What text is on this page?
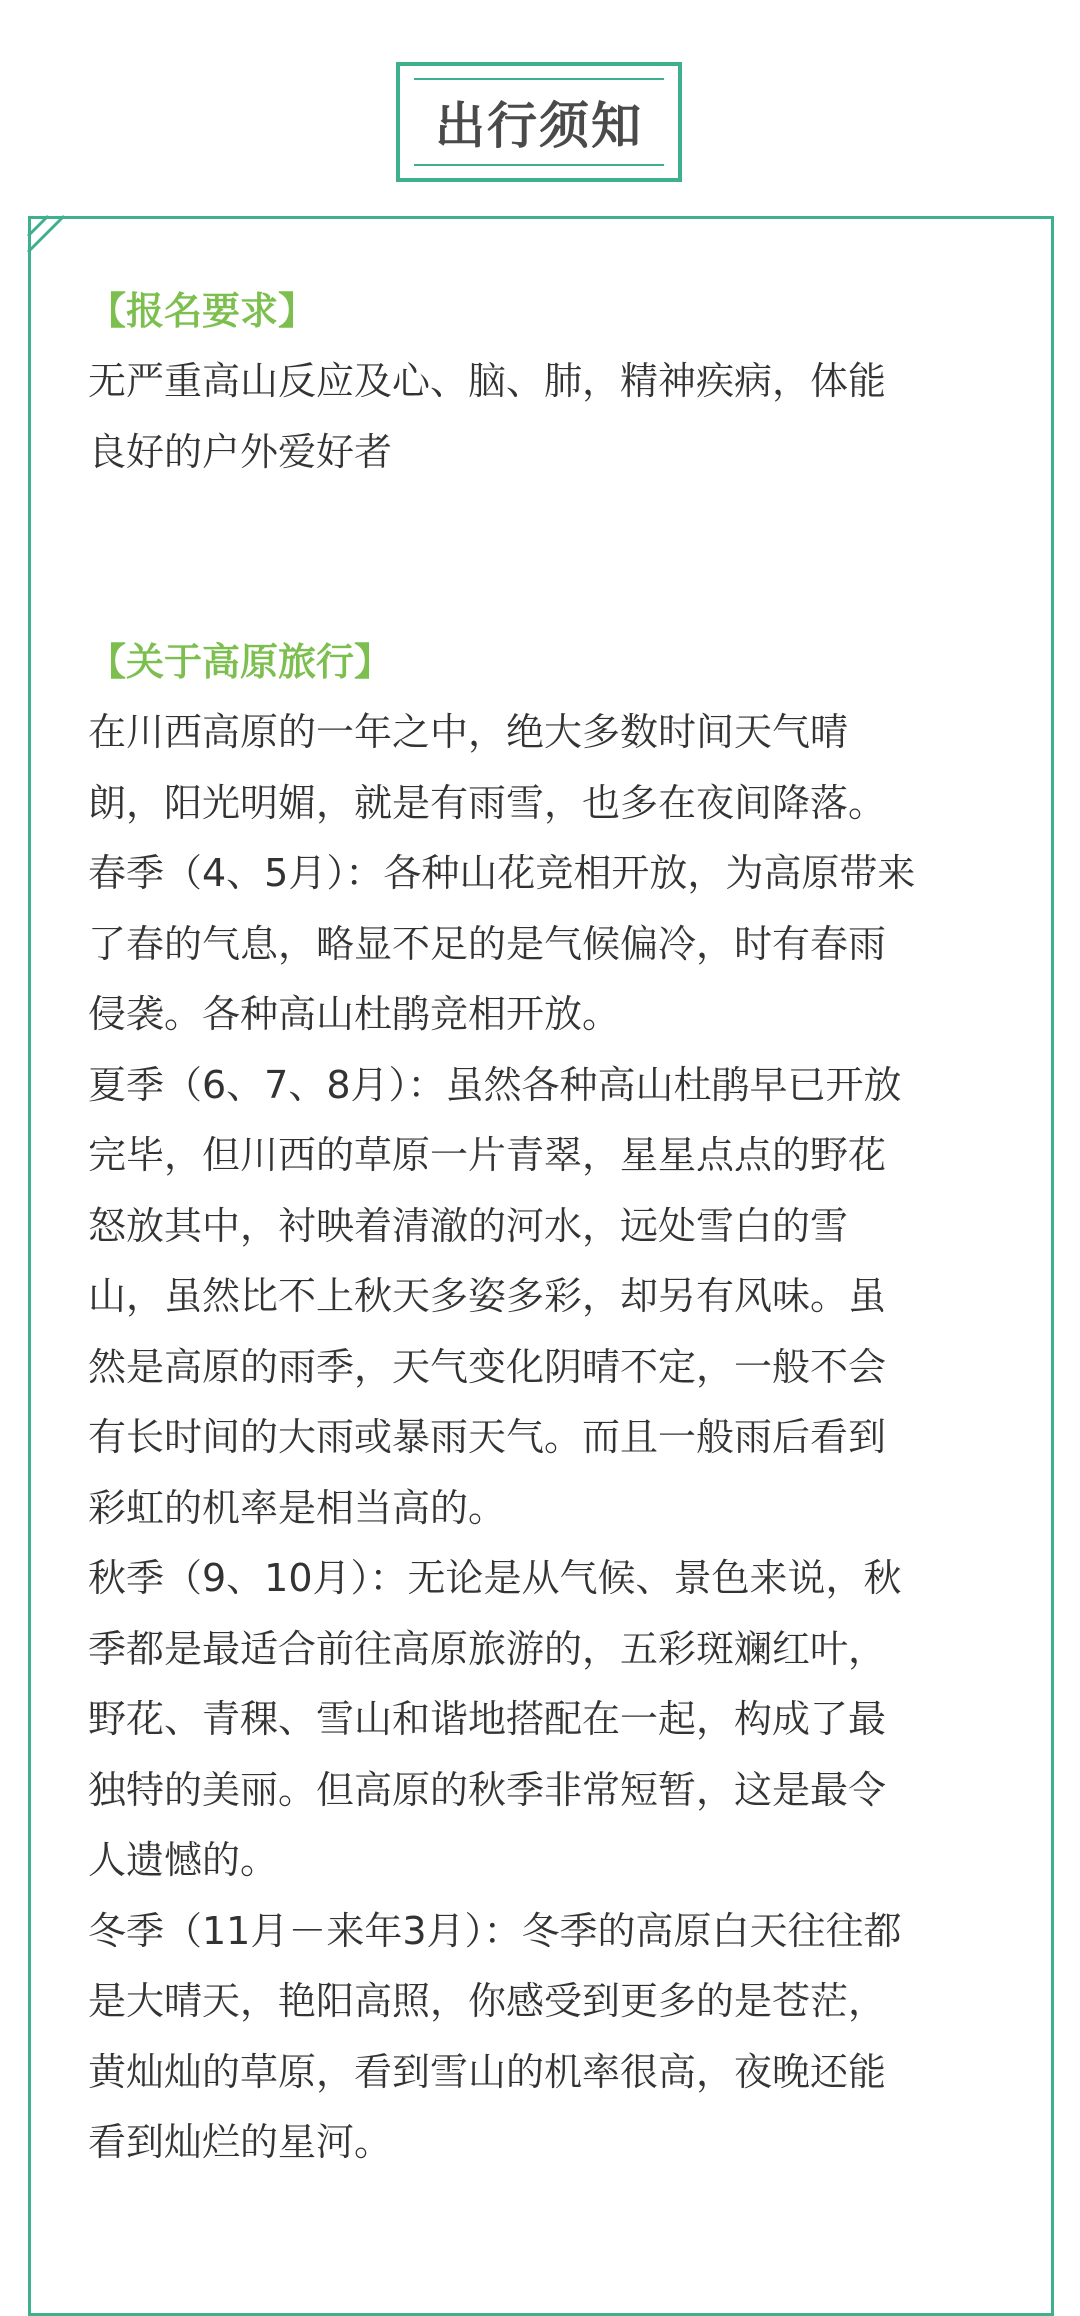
出行须知
【报名要求】

无严重高山反应及心、脑、肺，精神疾病，体能
良好的户外爱好者

【关于高原旅行】

在川西高原的一年之中，绝大多数时间天气晴
朗，阳光明媚，就是有雨雪，也多在夜间降落。

春季（4、5月）：各种山花竞相开放，为高原带来
了春的气息，略显不足的是气候偏冷，时有春雨
侵袭。各种高山杜鹃竞相开放。

夏季（6、7、8月）：虽然各种高山杜鹃早已开放
完毕，但川西的草原一片青翠，星星点点的野花
怒放其中，衬映着清澈的河水，远处雪白的雪
山，虽然比不上秋天多姿多彩，却另有风味。虽
然是高原的雨季，天气变化阴晴不定，一般不会
有长时间的大雨或暴雨天气。而且一般雨后看到
彩虹的机率是相当高的。

秋季（9、10月）：无论是从气候、景色来说，秋
季都是最适合前往高原旅游的，五彩斑斓红叶，
野花、青稞、雪山和谐地搭配在一起，构成了最
独特的美丽。但高原的秋季非常短暂，这是最令
人遗憾的。

冬季（11月－来年3月）：冬季的高原白天往往都
是大晴天，艳阳高照，你感受到更多的是苍茫，
黄灿灿的草原，看到雪山的机率很高，夜晚还能
看到灿烂的星河。
